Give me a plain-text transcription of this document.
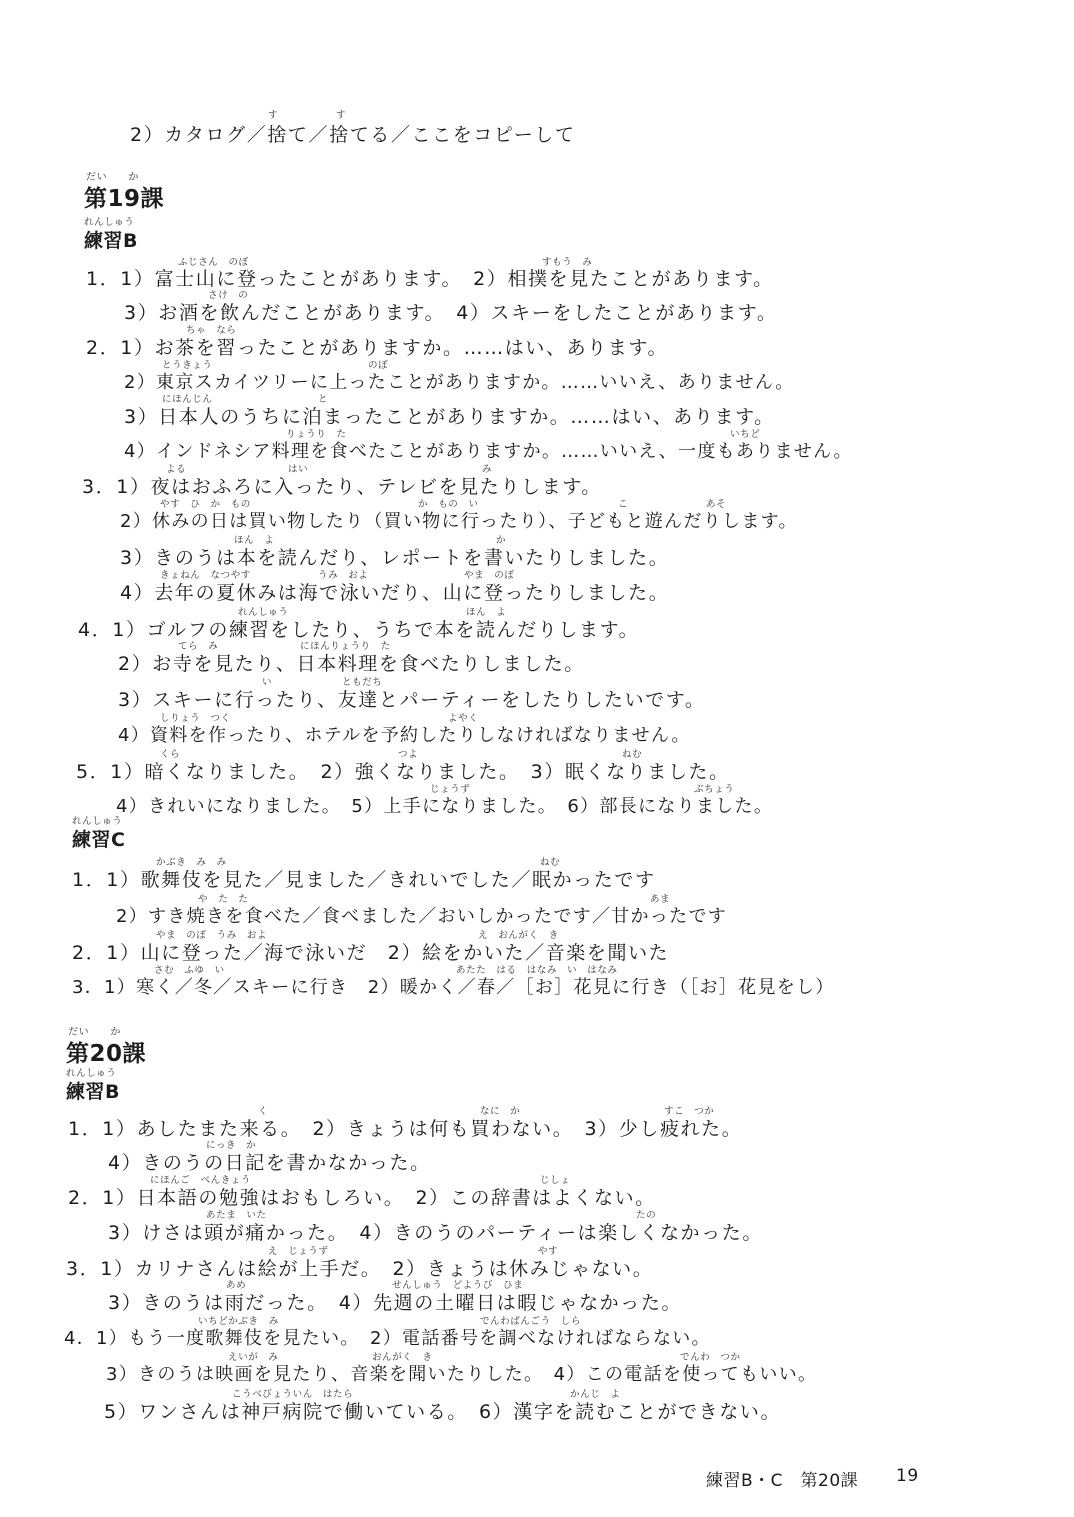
す	す
2）カタログ／捨て／捨てる／ここをコピーして
だい　　か
第19課
れんしゅう
練習B
ふじさん　のぼ	すもう　み
1．1）富士山に登ったことがあります。　2）相撲を見たことがあります。
さけ　の
3）お酒を飲んだことがあります。　4）スキーをしたことがあります。
ちゃ　なら
2．1）お茶を習ったことがありますか。……はい、あります。
とうきょう	のぼ
2）東京スカイツリーに上ったことがありますか。……いいえ、ありません。
にほんじん	と
3）日本人のうちに泊まったことがありますか。……はい、あります。
りょうり　た	いちど
4）インドネシア料理を食べたことがありますか。……いいえ、一度もありません。
よる	はい	み
3．1）夜はおふろに入ったり、テレビを見たりします。
やす　ひ　か　もの	か　もの　い	こ	あそ
2）休みの日は買い物したり（買い物に行ったり）、子どもと遊んだりします。
ほん　よ	か
3）きのうは本を読んだり、レポートを書いたりしました。
きょねん　なつやす	うみ　およ	やま　のぼ
4）去年の夏休みは海で泳いだり、山に登ったりしました。
れんしゅう	ほん　よ
4．1）ゴルフの練習をしたり、うちで本を読んだりします。
てら　み	にほんりょうり　た
2）お寺を見たり、日本料理を食べたりしました。
い	ともだち
3）スキーに行ったり、友達とパーティーをしたりしたいです。
しりょう　つく	よやく
4）資料を作ったり、ホテルを予約したりしなければなりません。
くら	つよ	ねむ
5．1）暗くなりました。　2）強くなりました。　3）眠くなりました。
じょうず	ぶちょう
4）きれいになりました。　5）上手になりました。　6）部長になりました。
れんしゅう
練習C
かぶき　み　み	ねむ
1．1）歌舞伎を見た／見ました／きれいでした／眠かったです
や　た　た	あま
2）すき焼きを食べた／食べました／おいしかったです／甘かったです
やま　のぼ　うみ　およ	え　おんがく　き
2．1）山に登った／海で泳いだ　2）絵をかいた／音楽を聞いた
さむ　ふゆ　い	あたた　はる　はなみ　い　はなみ
3．1）寒く／冬／スキーに行き　2）暖かく／春／［お］花見に行き（［お］花見をし）
だい　　か
第20課
れんしゅう
練習B
く	なに　か	すこ　つか
1．1）あしたまた来る。　2）きょうは何も買わない。　3）少し疲れた。
にっき　か
4）きのうの日記を書かなかった。
にほんご　べんきょう	じしょ
2．1）日本語の勉強はおもしろい。　2）この辞書はよくない。
あたま　いた	たの
3）けさは頭が痛かった。　4）きのうのパーティーは楽しくなかった。
え　じょうず	やす
3．1）カリナさんは絵が上手だ。　2）きょうは休みじゃない。
あめ	せんしゅう　どようび　ひま
3）きのうは雨だった。　4）先週の土曜日は暇じゃなかった。
いちどかぶき　み	でんわばんごう　しら
4．1）もう一度歌舞伎を見たい。　2）電話番号を調べなければならない。
えいが　み	おんがく　き	でんわ　つか
3）きのうは映画を見たり、音楽を聞いたりした。　4）この電話を使ってもいい。
こうべびょういん　はたら	かんじ　よ
5）ワンさんは神戸病院で働いている。　6）漢字を読むことができない。
練習B・C　第20課 19
